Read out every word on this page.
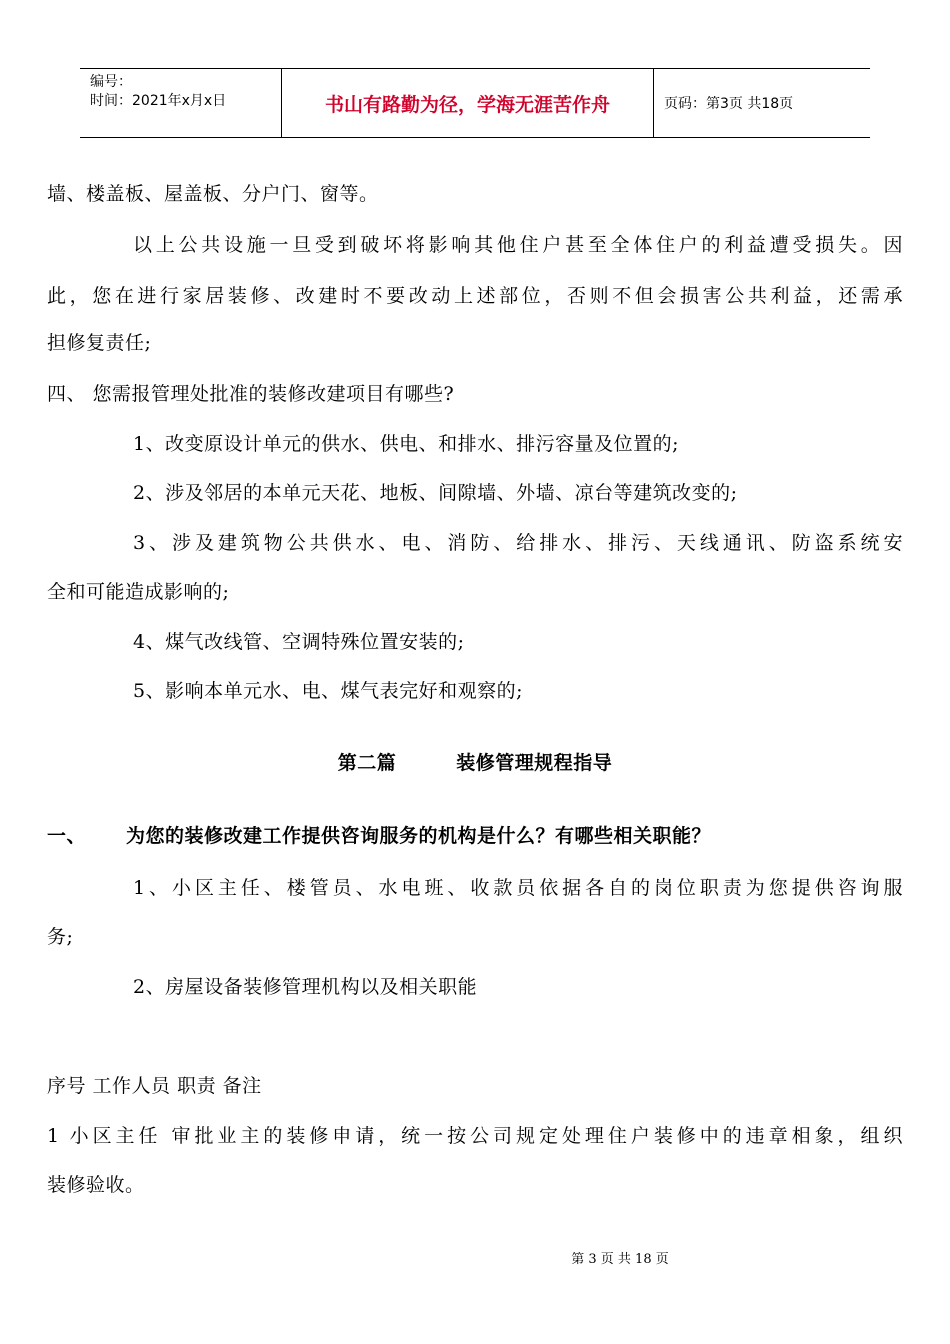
编号：
时间：2021年x月x日	书山有路勤为径，学海无涯苦作舟	页码：第3页 共18页
墙、楼盖板、屋盖板、分户门、窗等。
以上公共设施一旦受到破坏将影响其他住户甚至全体住户的利益遭受损失。因
此，您在进行家居装修、改建时不要改动上述部位，否则不但会损害公共利益，还需承
担修复责任;
四、 您需报管理处批准的装修改建项目有哪些?
1、改变原设计单元的供水、供电、和排水、排污容量及位置的;
2、涉及邻居的本单元天花、地板、间隙墙、外墙、凉台等建筑改变的;
3、涉及建筑物公共供水、电、消防、给排水、排污、天线通讯、防盗系统安
全和可能造成影响的;
4、煤气改线管、空调特殊位置安装的;
5、影响本单元水、电、煤气表完好和观察的;
第二篇	装修管理规程指导
一、 为您的装修改建工作提供咨询服务的机构是什么？有哪些相关职能？
1、小区主任、楼管员、水电班、收款员依据各自的岗位职责为您提供咨询服
务;
2、房屋设备装修管理机构以及相关职能
序号 工作人员 职责 备注
1 小区主任 审批业主的装修申请，统一按公司规定处理住户装修中的违章相象，组织
装修验收。
第 3 页 共 18 页
